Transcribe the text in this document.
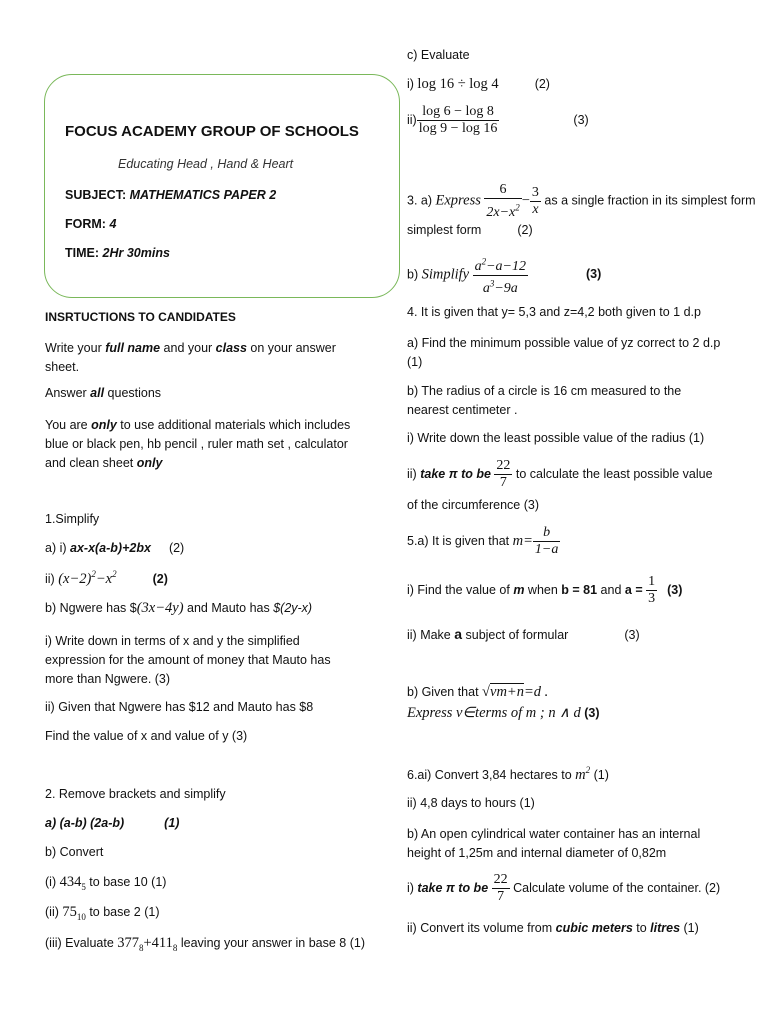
FOCUS ACADEMY GROUP OF SCHOOLS
Educating Head , Hand & Heart
SUBJECT: MATHEMATICS PAPER 2
FORM: 4
TIME: 2Hr 30mins
INSRTUCTIONS TO CANDIDATES
Write your full name and your class on your answer sheet.
Answer all questions
You are only to use additional materials which includes blue or black pen, hb pencil , ruler math set , calculator and clean sheet only
1.Simplify
a) i) ax-x(a-b)+2bx (2)
ii) $(x-2)^2-x^2$	(2)
b) Ngwere has $(3x−4y) and Mauto has $(2y-x)
i) Write down in terms of x and y the simplified expression for the amount of money that Mauto has more than Ngwere. (3)
ii) Given that Ngwere has $12 and Mauto has $8
Find the value of x and value of y (3)
2. Remove brackets and simplify
a) (a-b) (2a-b)	(1)
b) Convert
(i) $434_5$ to base 10 (1)
(ii) $75_{10}$ to base 2 (1)
(iii) Evaluate $377_8+411_8$ leaving your answer in base 8 (1)
c) Evaluate
i) log 16 ÷ log 4	(2)
$ii) \frac{\log 6 - \log 8}{\log 9 - \log 16}$	(3)
3. a) Express $\frac{6}{2x-x^2} - \frac{3}{x}$ as a single fraction in its simplest form
simplest form	(2)
b) Simplify $\frac{a^2-a-12}{a^3-9a}$	(3)
4. It is given that y= 5,3 and z=4,2 both given to 1 d.p
a) Find the minimum possible value of yz correct to 2 d.p (1)
b) The radius of a circle is 16 cm measured to the nearest centimeter .
i) Write down the least possible value of the radius (1)
ii) take π to be $\frac{22}{7}$ to calculate the least possible value
of the circumference (3)
5.a) It is given that $m= \frac{b}{1-a}$
i) Find the value of m when b = 81 and $a = \frac{1}{3} (3)$
ii) Make a subject of formular	(3)
b) Given that √vm+n=d .
Express v∈terms of m ; n ∧ d (3)
6.ai) Convert 3,84 hectares to $m^2$ (1)
ii) 4,8 days to hours (1)
b) An open cylindrical water container has an internal height of 1,25m and internal diameter of 0,82m
i) take π to be $\frac{22}{7}$ Calculate volume of the container. (2)
ii) Convert its volume from cubic meters to litres (1)
